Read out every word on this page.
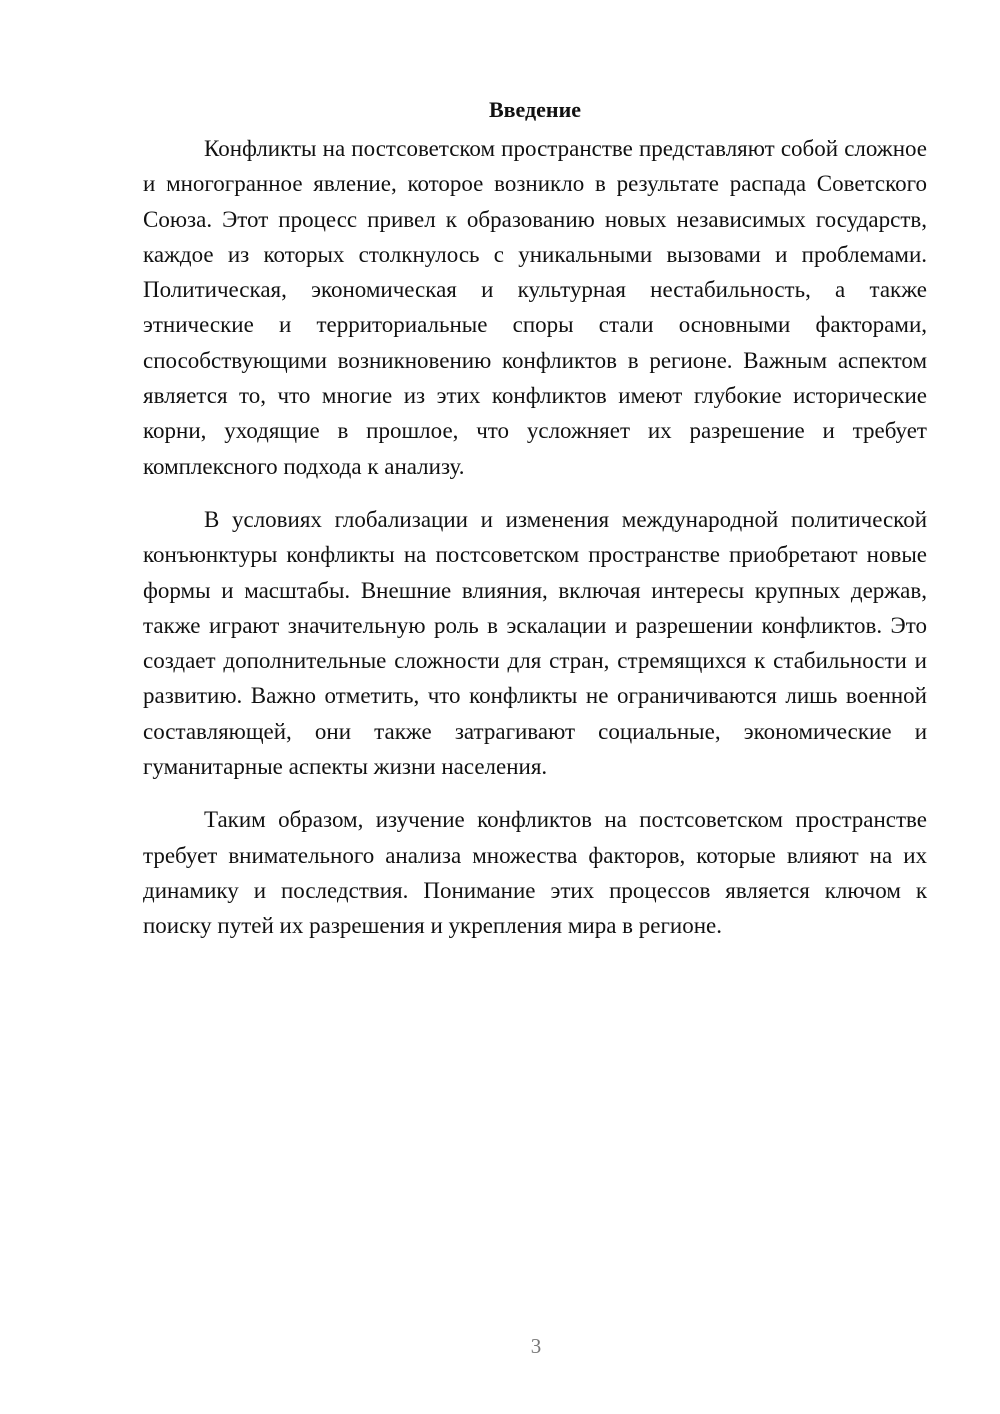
Введение

Конфликты на постсоветском пространстве представляют собой сложное и многогранное явление, которое возникло в результате распада Советского Союза. Этот процесс привел к образованию новых независимых государств, каждое из которых столкнулось с уникальными вызовами и проблемами. Политическая, экономическая и культурная нестабильность, а также этнические и территориальные споры стали основными факторами, способствующими возникновению конфликтов в регионе. Важным аспектом является то, что многие из этих конфликтов имеют глубокие исторические корни, уходящие в прошлое, что усложняет их разрешение и требует комплексного подхода к анализу.

В условиях глобализации и изменения международной политической конъюнктуры конфликты на постсоветском пространстве приобретают новые формы и масштабы. Внешние влияния, включая интересы крупных держав, также играют значительную роль в эскалации и разрешении конфликтов. Это создает дополнительные сложности для стран, стремящихся к стабильности и развитию. Важно отметить, что конфликты не ограничиваются лишь военной составляющей, они также затрагивают социальные, экономические и гуманитарные аспекты жизни населения.

Таким образом, изучение конфликтов на постсоветском пространстве требует внимательного анализа множества факторов, которые влияют на их динамику и последствия. Понимание этих процессов является ключом к поиску путей их разрешения и укрепления мира в регионе.

3
